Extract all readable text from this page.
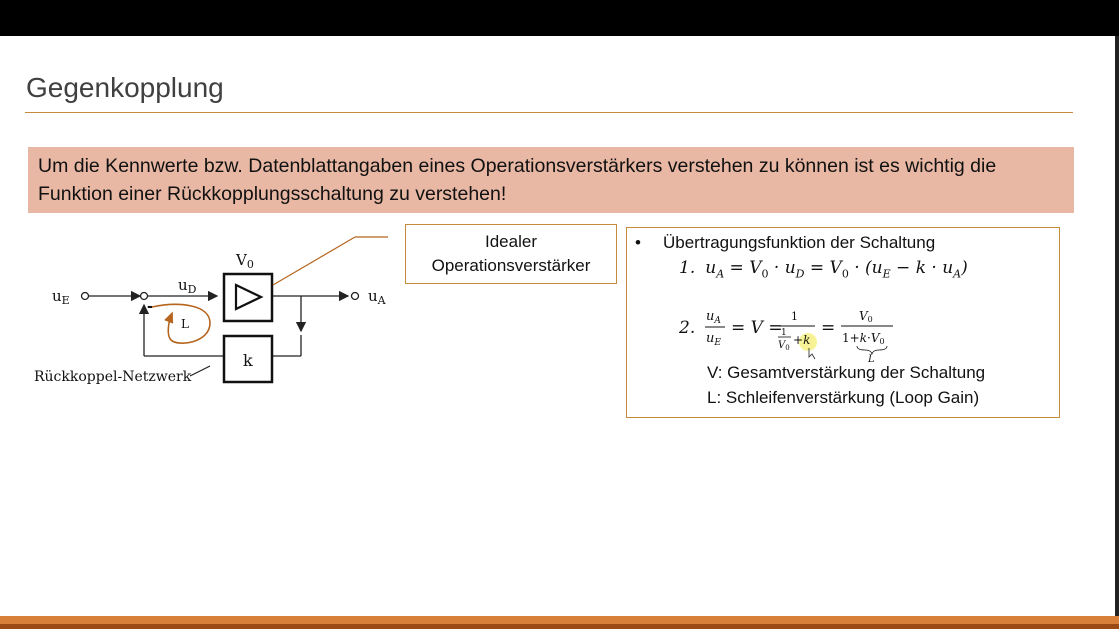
Gegenkopplung
Um die Kennwerte bzw. Datenblattangaben eines Operationsverstärkers verstehen zu können ist es wichtig die Funktion einer Rückkopplungsschaltung zu verstehen!
$u_E$
$u_D$	$u_A$
$V_0$
k
L
-
Rückkoppel-Netzwerk
Idealer
Operationsverstärker
• Übertragungsfunktion der Schaltung
1. $u_A = V_0 \cdot u_D = V_0 \cdot (u_E - k \cdot u_A)$
2.
$u_A$
$u_E$
= V =
1
1
$V_0$
+k
=
V0
1+k·V0
L
V: Gesamtverstärkung der Schaltung
L: Schleifenverstärkung (Loop Gain)
